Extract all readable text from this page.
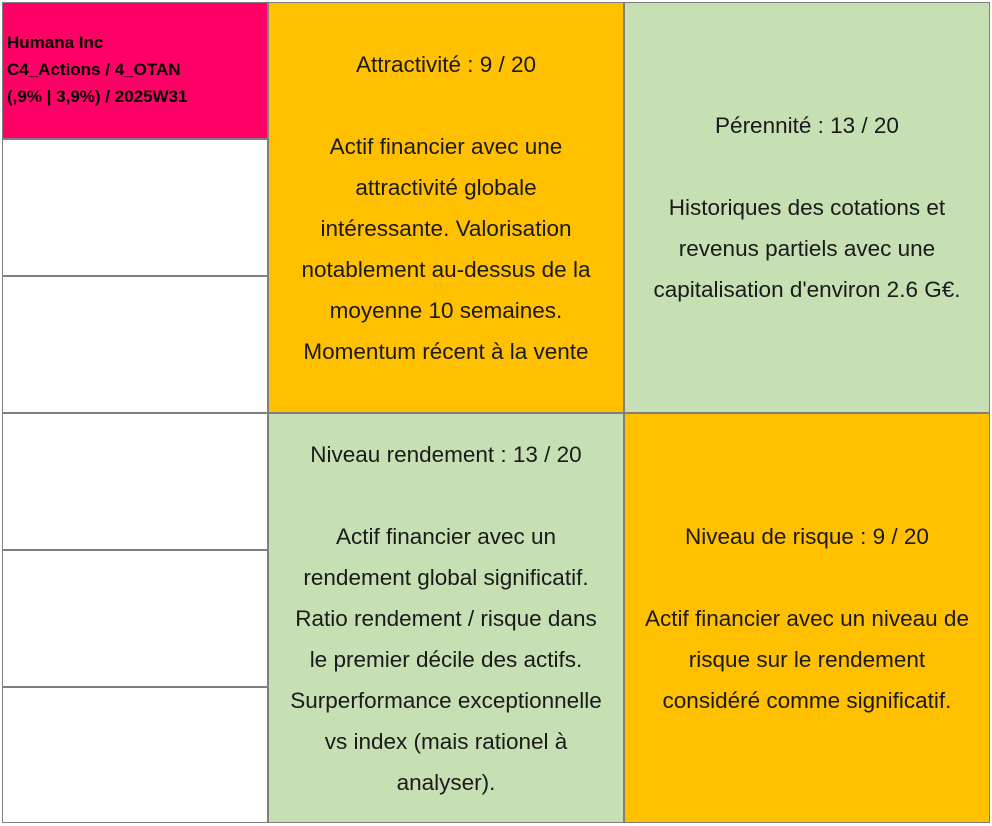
Humana Inc
C4_Actions / 4_OTAN
(,9% | 3,9%) / 2025W31
Attractivité : 9 / 20
Actif financier avec une
attractivité globale
intéressante. Valorisation
notablement au-dessus de la
moyenne 10 semaines.
Momentum récent à la vente
Pérennité : 13 / 20
Historiques des cotations et
revenus partiels avec une
capitalisation d'environ 2.6 G€.
Niveau rendement : 13 / 20
Actif financier avec un
rendement global significatif.
Ratio rendement / risque dans
le premier décile des actifs.
Surperformance exceptionnelle
vs index (mais rationel à
analyser).
Niveau de risque : 9 / 20
Actif financier avec un niveau de
risque sur le rendement
considéré comme significatif.
